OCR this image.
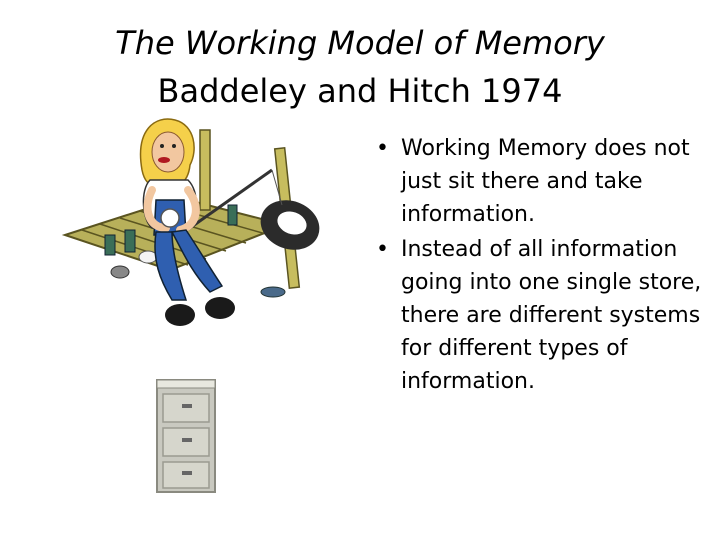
The Working Model of Memory
Baddeley and Hitch 1974
• Working Memory does not just sit there and take information.
• Instead of all information going into one single store, there are different systems for different types of information.
